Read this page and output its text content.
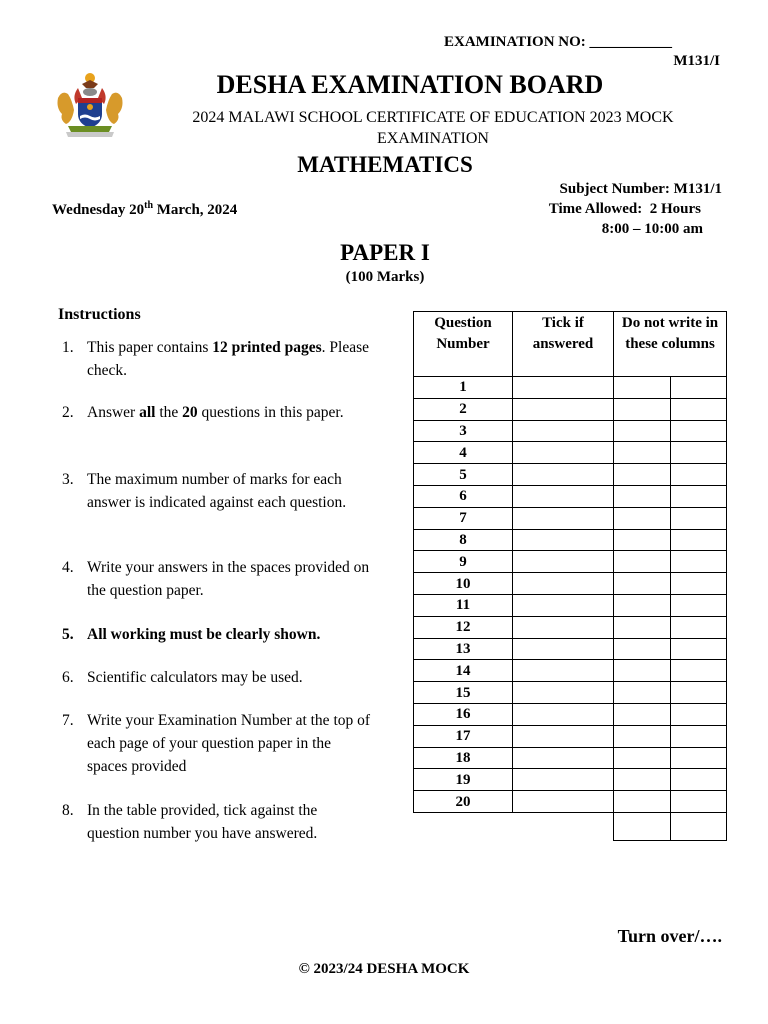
EXAMINATION NO: ___________
M131/I
DESHA EXAMINATION BOARD
2024 MALAWI SCHOOL CERTIFICATE OF EDUCATION 2023 MOCK EXAMINATION
MATHEMATICS
Wednesday 20th March, 2024
Subject Number: M131/1
Time Allowed:  2 Hours
8:00 – 10:00 am
PAPER I
(100 Marks)
Instructions
1. This paper contains 12 printed pages. Please check.
2. Answer all the 20 questions in this paper.
3. The maximum number of marks for each answer is indicated against each question.
4. Write your answers in the spaces provided on the question paper.
5. All working must be clearly shown.
6. Scientific calculators may be used.
7. Write your Examination Number at the top of each page of your question paper in the spaces provided
8. In the table provided, tick against the question number you have answered.
Question Number	Tick if answered	Do not write in these columns	
1			
2			
3			
4			
5			
6			
7			
8			
9			
10			
11			
12			
13			
14			
15			
16			
17			
18			
19			
20			

Turn over/….
© 2023/24 DESHA MOCK
